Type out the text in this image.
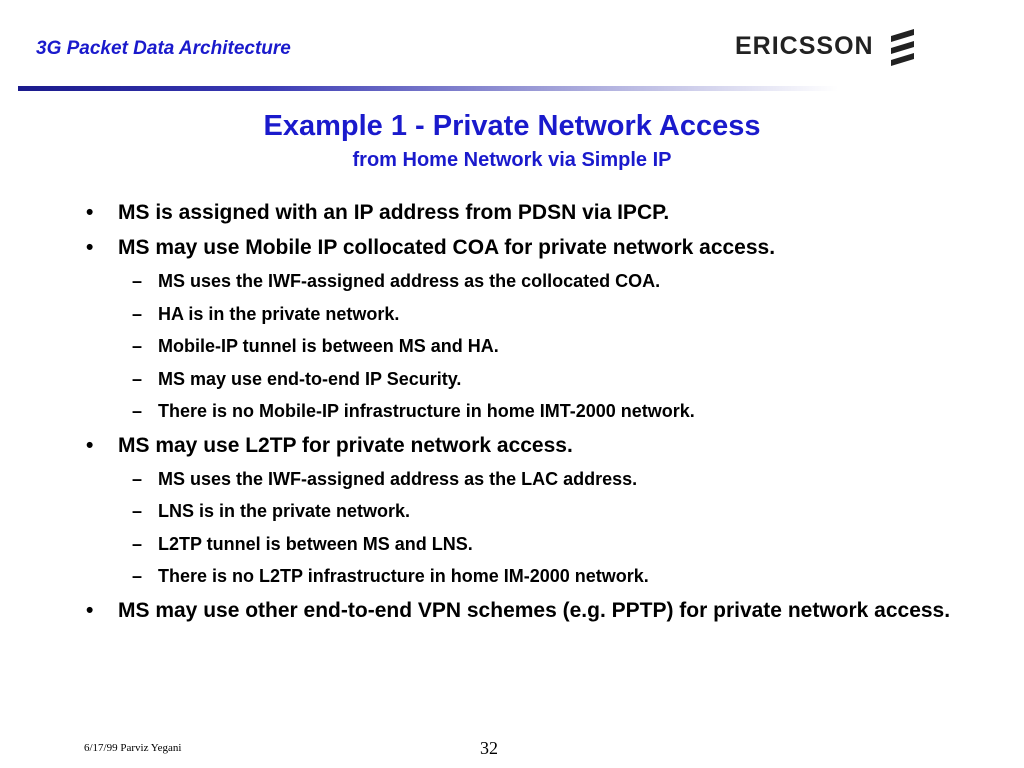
3G Packet Data Architecture	ERICSSON
Example 1 - Private Network Access
from Home Network via Simple IP
• MS is assigned with an IP address from PDSN via IPCP.
• MS may use Mobile IP collocated COA for private network access.
– MS uses the IWF-assigned address as the collocated COA.
– HA is in the private network.
– Mobile-IP tunnel is between MS and HA.
– MS may use end-to-end IP Security.
– There is no Mobile-IP infrastructure in home IMT-2000 network.
• MS may use L2TP for private network access.
– MS uses the IWF-assigned address as the LAC address.
– LNS is in the private network.
– L2TP tunnel is between MS and LNS.
– There is no L2TP infrastructure in home IM-2000 network.
• MS may use other end-to-end VPN schemes (e.g. PPTP) for private network access.
6/17/99 Parviz Yegani	32
